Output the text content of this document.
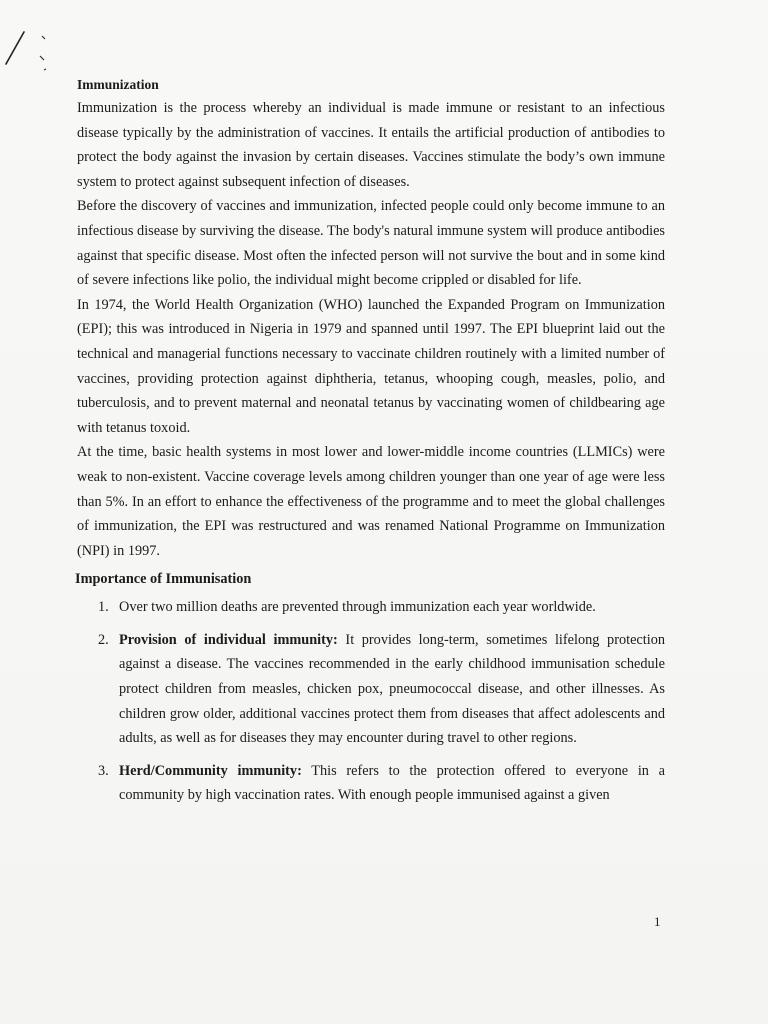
Immunization

Immunization is the process whereby an individual is made immune or resistant to an infectious disease typically by the administration of vaccines. It entails the artificial production of antibodies to protect the body against the invasion by certain diseases. Vaccines stimulate the body’s own immune system to protect against subsequent infection of diseases.

Before the discovery of vaccines and immunization, infected people could only become immune to an infectious disease by surviving the disease. The body's natural immune system will produce antibodies against that specific disease. Most often the infected person will not survive the bout and in some kind of severe infections like polio, the individual might become crippled or disabled for life.

In 1974, the World Health Organization (WHO) launched the Expanded Program on Immunization (EPI); this was introduced in Nigeria in 1979 and spanned until 1997. The EPI blueprint laid out the technical and managerial functions necessary to vaccinate children routinely with a limited number of vaccines, providing protection against diphtheria, tetanus, whooping cough, measles, polio, and tuberculosis, and to prevent maternal and neonatal tetanus by vaccinating women of childbearing age with tetanus toxoid.

At the time, basic health systems in most lower and lower-middle income countries (LLMICs) were weak to non-existent. Vaccine coverage levels among children younger than one year of age were less than 5%. In an effort to enhance the effectiveness of the programme and to meet the global challenges of immunization, the EPI was restructured and was renamed National Programme on Immunization (NPI) in 1997.

Importance of Immunisation
1. Over two million deaths are prevented through immunization each year worldwide.
2. Provision of individual immunity: It provides long-term, sometimes lifelong protection against a disease. The vaccines recommended in the early childhood immunisation schedule protect children from measles, chicken pox, pneumococcal disease, and other illnesses. As children grow older, additional vaccines protect them from diseases that affect adolescents and adults, as well as for diseases they may encounter during travel to other regions.
3. Herd/Community immunity: This refers to the protection offered to everyone in a community by high vaccination rates. With enough people immunised against a given
1
